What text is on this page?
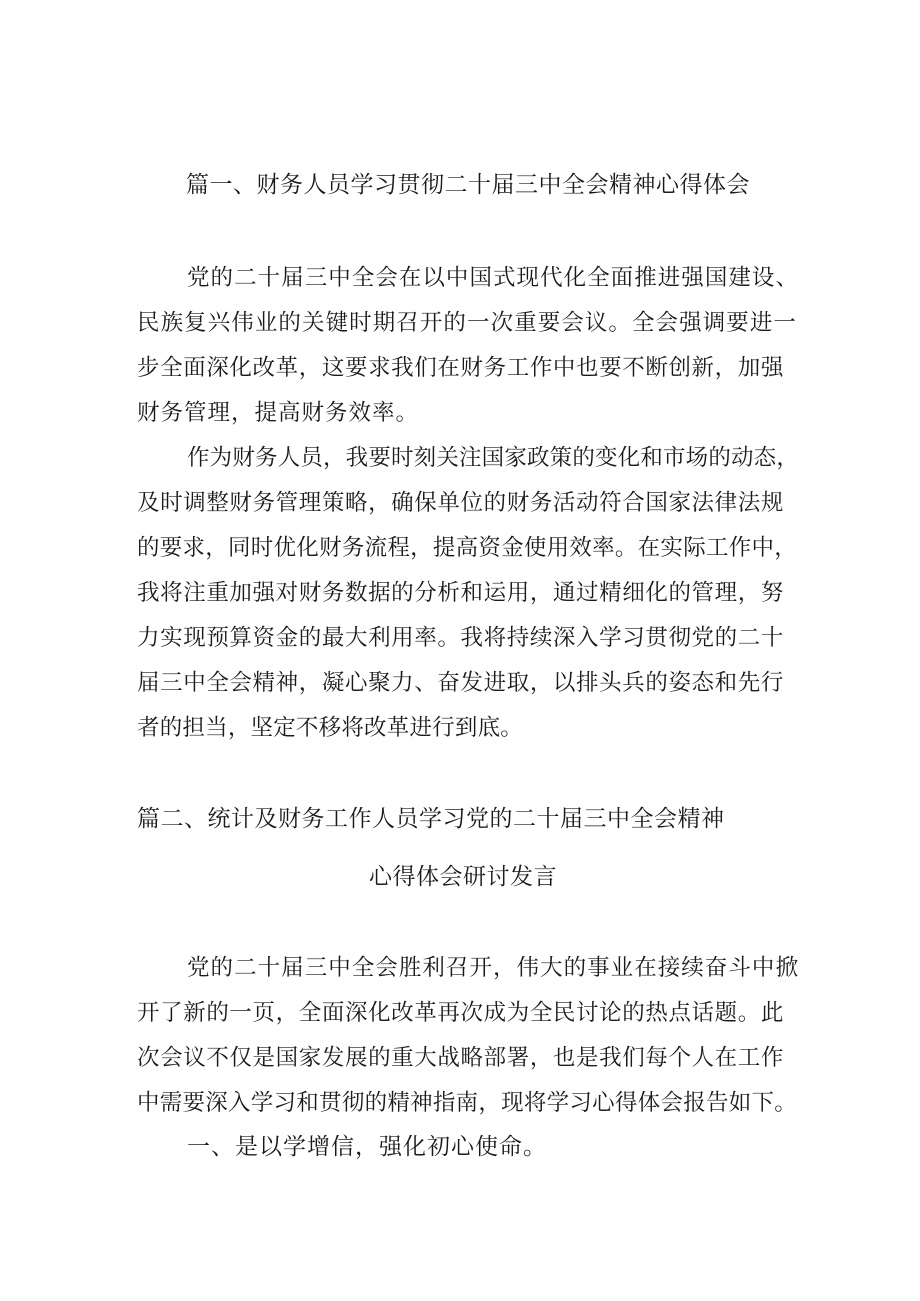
篇一、财务人员学习贯彻二十届三中全会精神心得体会
党的二十届三中全会在以中国式现代化全面推进强国建设、
民族复兴伟业的关键时期召开的一次重要会议。全会强调要进一
步全面深化改革，这要求我们在财务工作中也要不断创新，加强
财务管理，提高财务效率。
作为财务人员，我要时刻关注国家政策的变化和市场的动态，
及时调整财务管理策略，确保单位的财务活动符合国家法律法规
的要求，同时优化财务流程，提高资金使用效率。在实际工作中，
我将注重加强对财务数据的分析和运用，通过精细化的管理，努
力实现预算资金的最大利用率。我将持续深入学习贯彻党的二十
届三中全会精神，凝心聚力、奋发进取，以排头兵的姿态和先行
者的担当，坚定不移将改革进行到底。
篇二、统计及财务工作人员学习党的二十届三中全会精神
心得体会研讨发言
党的二十届三中全会胜利召开，伟大的事业在接续奋斗中掀
开了新的一页，全面深化改革再次成为全民讨论的热点话题。此
次会议不仅是国家发展的重大战略部署，也是我们每个人在工作
中需要深入学习和贯彻的精神指南，现将学习心得体会报告如下。
一、是以学增信，强化初心使命。
